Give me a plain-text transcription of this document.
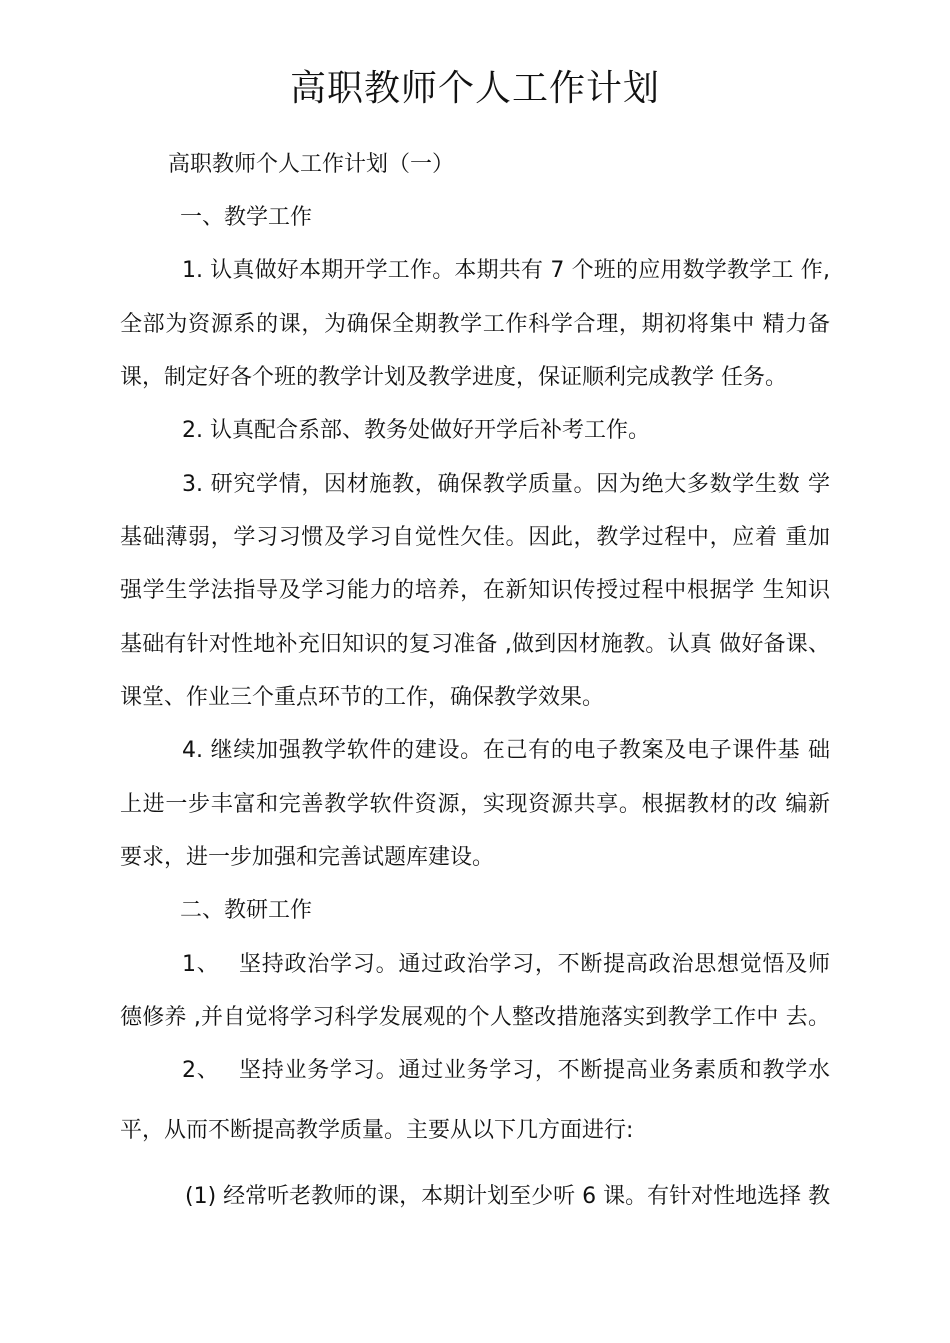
高职教师个人工作计划
高职教师个人工作计划（一）
一、教学工作
1. 认真做好本期开学工作。本期共有 7 个班的应用数学教学工 作,
全部为资源系的课，为确保全期教学工作科学合理，期初将集中 精力备
课，制定好各个班的教学计划及教学进度，保证顺利完成教学 任务。
2. 认真配合系部、教务处做好开学后补考工作。
3. 研究学情，因材施教，确保教学质量。因为绝大多数学生数 学
基础薄弱，学习习惯及学习自觉性欠佳。因此，教学过程中，应着 重加
强学生学法指导及学习能力的培养，在新知识传授过程中根据学 生知识
基础有针对性地补充旧知识的复习准备 ,做到因材施教。认真 做好备课、
课堂、作业三个重点环节的工作，确保教学效果。
4. 继续加强教学软件的建设。在己有的电子教案及电子课件基 础
上进一步丰富和完善教学软件资源，实现资源共享。根据教材的改 编新
要求，进一步加强和完善试题库建设。
二、教研工作
1、　 坚持政治学习。通过政治学习，不断提高政治思想觉悟及师
德修养 ,并自觉将学习科学发展观的个人整改措施落实到教学工作中 去。
2、　 坚持业务学习。通过业务学习，不断提高业务素质和教学水
平，从而不断提高教学质量。主要从以下几方面进行:
(1) 经常听老教师的课，本期计划至少听 6 课。有针对性地选择 教
